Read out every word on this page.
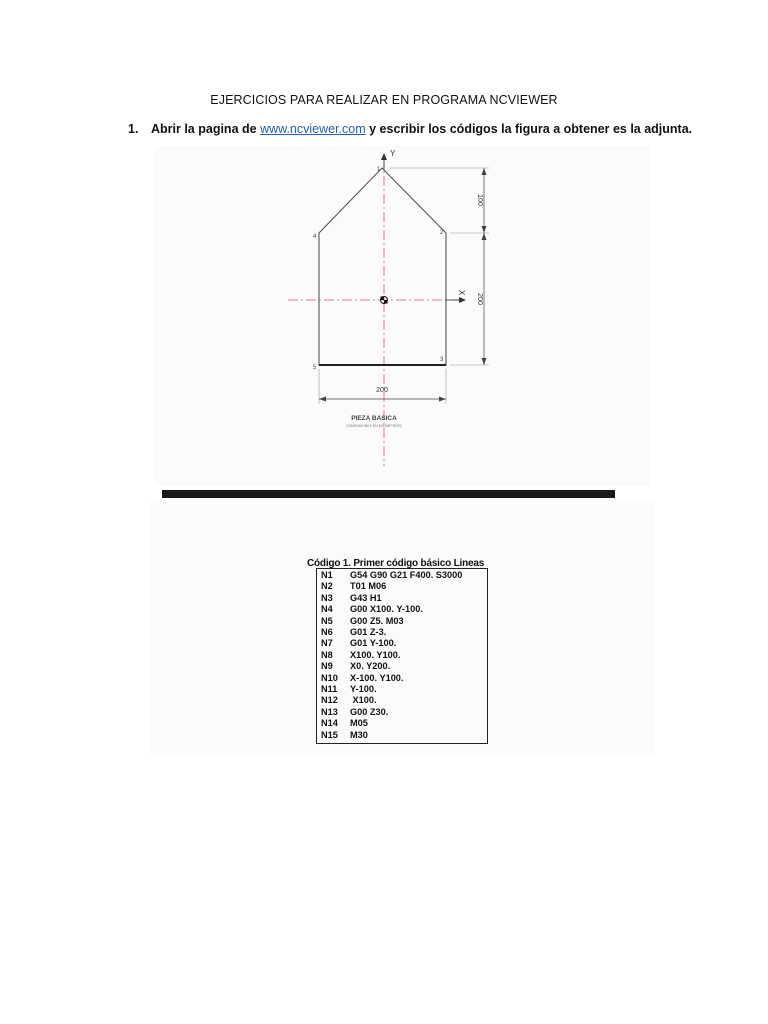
EJERCICIOS PARA REALIZAR EN PROGRAMA NCVIEWER
1. Abrir la pagina de www.ncviewer.com y escribir los códigos la figura a obtener es la adjunta.
Y
X
1
2
3
4
5
100
200
200
PIEZA BASICA
(DIMENSIONES EN MILIMETROS)
Código 1. Primer código básico Lineas
N1	G54 G90 G21 F400. S3000
N2	T01 M06
N3	G43 H1
N4	G00 X100. Y-100.
N5	G00 Z5. M03
N6	G01 Z-3.
N7	G01 Y-100.
N8	X100. Y100.
N9	X0. Y200.
N10	X-100. Y100.
N11	Y-100.
N12	X100.
N13	G00 Z30.
N14	M05
N15	M30
